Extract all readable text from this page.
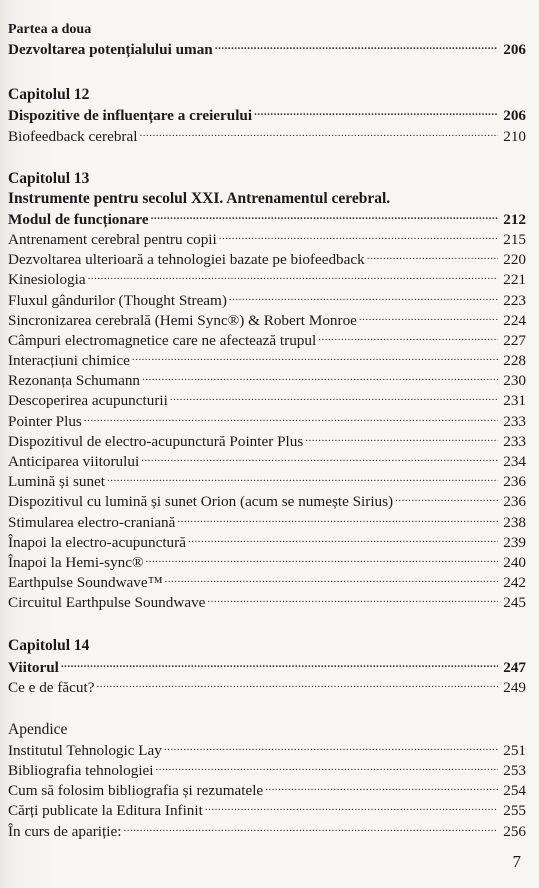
Partea a doua
Dezvoltarea potențialului uman .....	206
Capitolul 12
Dispozitive de influențare a creierului .....	206
Biofeedback cerebral .....	210
Capitolul 13
Instrumente pentru secolul XXI. Antrenamentul cerebral.
Modul de funcționare .....	212
Antrenament cerebral pentru copii .....	215
Dezvoltarea ulterioară a tehnologiei bazate pe biofeedback .....	220
Kinesiologia .....	221
Fluxul gândurilor (Thought Stream) .....	223
Sincronizarea cerebrală (Hemi Sync®) & Robert Monroe .....	224
Câmpuri electromagnetice care ne afectează trupul .....	227
Interacțiuni chimice .....	228
Rezonanța Schumann .....	230
Descoperirea acupuncturii .....	231
Pointer Plus .....	233
Dispozitivul de electro-acupunctură Pointer Plus .....	233
Anticiparea viitorului .....	234
Lumină și sunet .....	236
Dispozitivul cu lumină și sunet Orion (acum se numește Sirius) .....	236
Stimularea electro-craniană .....	238
Înapoi la electro-acupunctură .....	239
Înapoi la Hemi-sync® .....	240
Earthpulse Soundwave™ .....	242
Circuitul Earthpulse Soundwave .....	245
Capitolul 14
Viitorul .....	247
Ce e de făcut? .....	249
Apendice
Institutul Tehnologic Lay .....	251
Bibliografia tehnologiei .....	253
Cum să folosim bibliografia și rezumatele .....	254
Cărți publicate la Editura Infinit .....	255
În curs de apariție: .....	256
7
